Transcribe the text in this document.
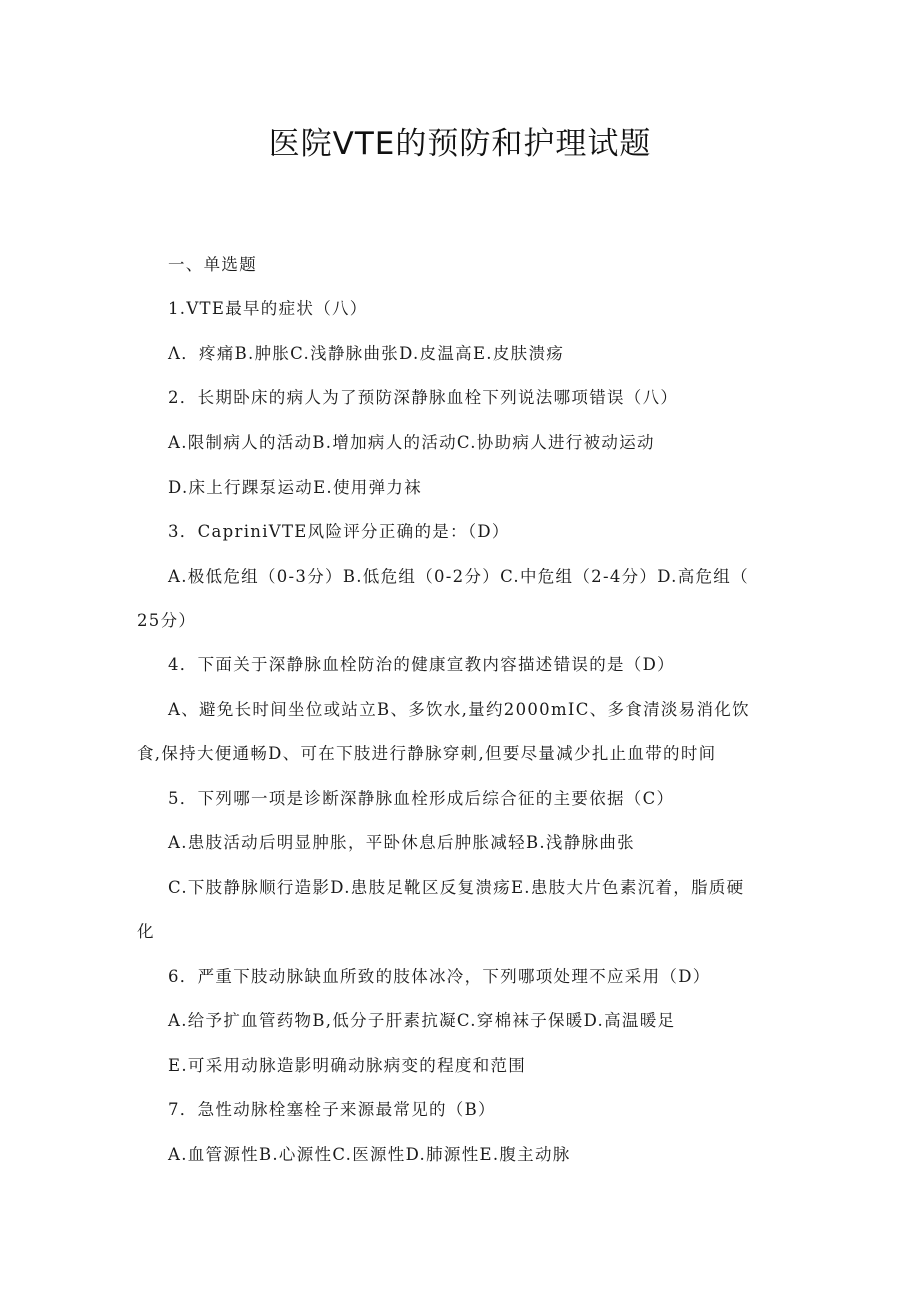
医院VTE的预防和护理试题
一、单选题
1.VTE最早的症状（八）
Λ．疼痛B.肿胀C.浅静脉曲张D.皮温高E.皮肤溃疡
2．长期卧床的病人为了预防深静脉血栓下列说法哪项错误（八）
A.限制病人的活动B.增加病人的活动C.协助病人进行被动运动
D.床上行踝泵运动E.使用弹力袜
3．CapriniVTE风险评分正确的是：（D）
A.极低危组（0-3分）B.低危组（0-2分）C.中危组（2-4分）D.高危组（
25分）
4．下面关于深静脉血栓防治的健康宣教内容描述错误的是（D）
A、避免长时间坐位或站立B、多饮水,量约2000mIC、多食清淡易消化饮
食,保持大便通畅D、可在下肢进行静脉穿刺,但要尽量减少扎止血带的时间
5．下列哪一项是诊断深静脉血栓形成后综合征的主要依据（C）
A.患肢活动后明显肿胀，平卧休息后肿胀减轻B.浅静脉曲张
C.下肢静脉顺行造影D.患肢足靴区反复溃疡E.患肢大片色素沉着，脂质硬
化
6．严重下肢动脉缺血所致的肢体冰冷，下列哪项处理不应采用（D）
A.给予扩血管药物B,低分子肝素抗凝C.穿棉袜子保暖D.高温暖足
E.可采用动脉造影明确动脉病变的程度和范围
7．急性动脉栓塞栓子来源最常见的（B）
A.血管源性B.心源性C.医源性D.肺源性E.腹主动脉
